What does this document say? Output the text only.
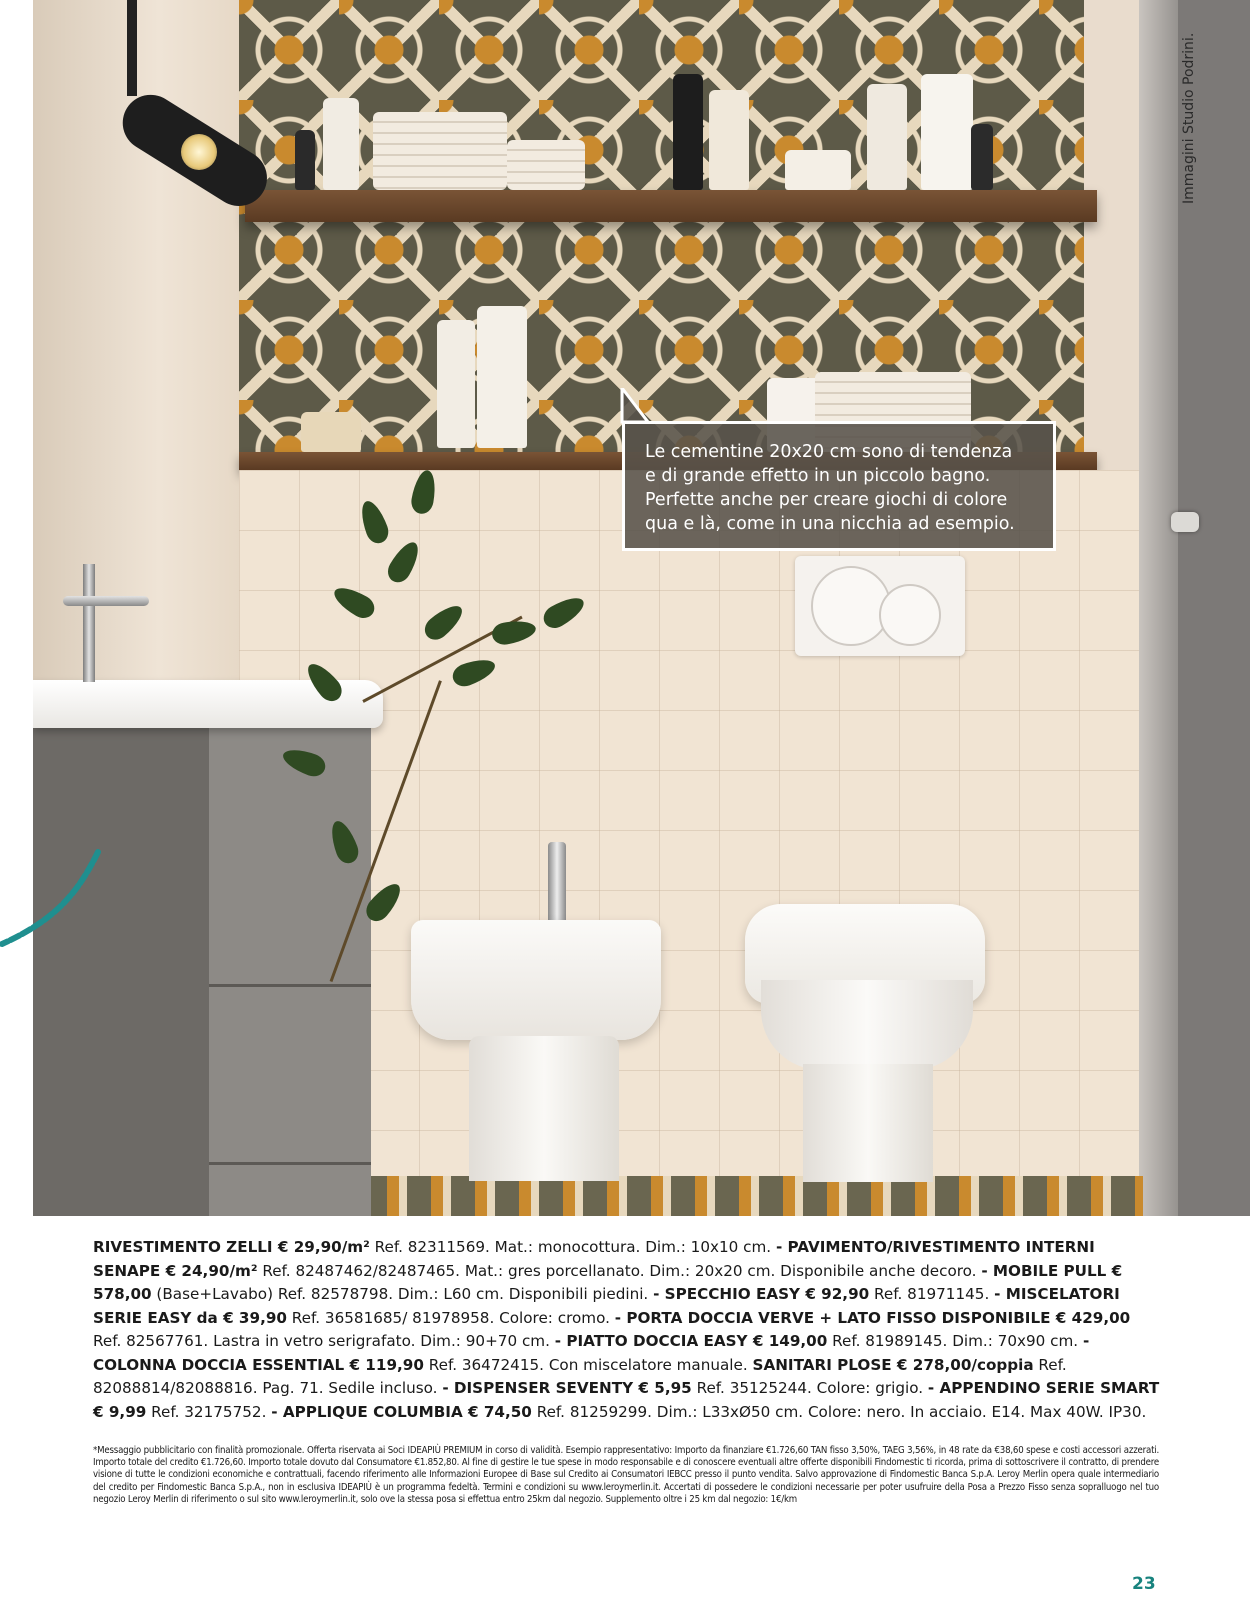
Le cementine 20x20 cm sono di tendenza
e di grande effetto in un piccolo bagno.
Perfette anche per creare giochi di colore
qua e là, come in una nicchia ad esempio.

Immagini Studio Podrini.

RIVESTIMENTO ZELLI € 29,90/m² Ref. 82311569. Mat.: monocottura. Dim.: 10x10 cm. - PAVIMENTO/RIVESTIMENTO INTERNI SENAPE € 24,90/m² Ref. 82487462/82487465. Mat.: gres porcellanato. Dim.: 20x20 cm. Disponibile anche decoro. - MOBILE PULL € 578,00 (Base+Lavabo) Ref. 82578798. Dim.: L60 cm. Disponibili piedini. - SPECCHIO EASY € 92,90 Ref. 81971145. - MISCELATORI SERIE EASY da € 39,90 Ref. 36581685/ 81978958. Colore: cromo. - PORTA DOCCIA VERVE + LATO FISSO DISPONIBILE € 429,00 Ref. 82567761. Lastra in vetro serigrafato. Dim.: 90+70 cm. - PIATTO DOCCIA EASY € 149,00 Ref. 81989145. Dim.: 70x90 cm. - COLONNA DOCCIA ESSENTIAL € 119,90 Ref. 36472415. Con miscelatore manuale. SANITARI PLOSE € 278,00/coppia Ref. 82088814/82088816. Pag. 71. Sedile incluso. - DISPENSER SEVENTY € 5,95 Ref. 35125244. Colore: grigio. - APPENDINO SERIE SMART € 9,99 Ref. 32175752. - APPLIQUE COLUMBIA € 74,50 Ref. 81259299. Dim.: L33xØ50 cm. Colore: nero. In acciaio. E14. Max 40W. IP30.

*Messaggio pubblicitario con finalità promozionale. Offerta riservata ai Soci IDEAPIÙ PREMIUM in corso di validità. Esempio rappresentativo: Importo da finanziare €1.726,60 TAN fisso 3,50%, TAEG 3,56%, in 48 rate da €38,60 spese e costi accessori azzerati. Importo totale del credito €1.726,60. Importo totale dovuto dal Consumatore €1.852,80. Al fine di gestire le tue spese in modo responsabile e di conoscere eventuali altre offerte disponibili Findomestic ti ricorda, prima di sottoscrivere il contratto, di prendere visione di tutte le condizioni economiche e contrattuali, facendo riferimento alle Informazioni Europee di Base sul Credito ai Consumatori IEBCC presso il punto vendita. Salvo approvazione di Findomestic Banca S.p.A. Leroy Merlin opera quale intermediario del credito per Findomestic Banca S.p.A., non in esclusiva IDEAPIÙ è un programma fedeltà. Termini e condizioni su www.leroymerlin.it. Accertati di possedere le condizioni necessarie per poter usufruire della Posa a Prezzo Fisso senza sopralluogo nel tuo negozio Leroy Merlin di riferimento o sul sito www.leroymerlin.it, solo ove la stessa posa si effettua entro 25km dal negozio. Supplemento oltre i 25 km dal negozio: 1€/km

23
